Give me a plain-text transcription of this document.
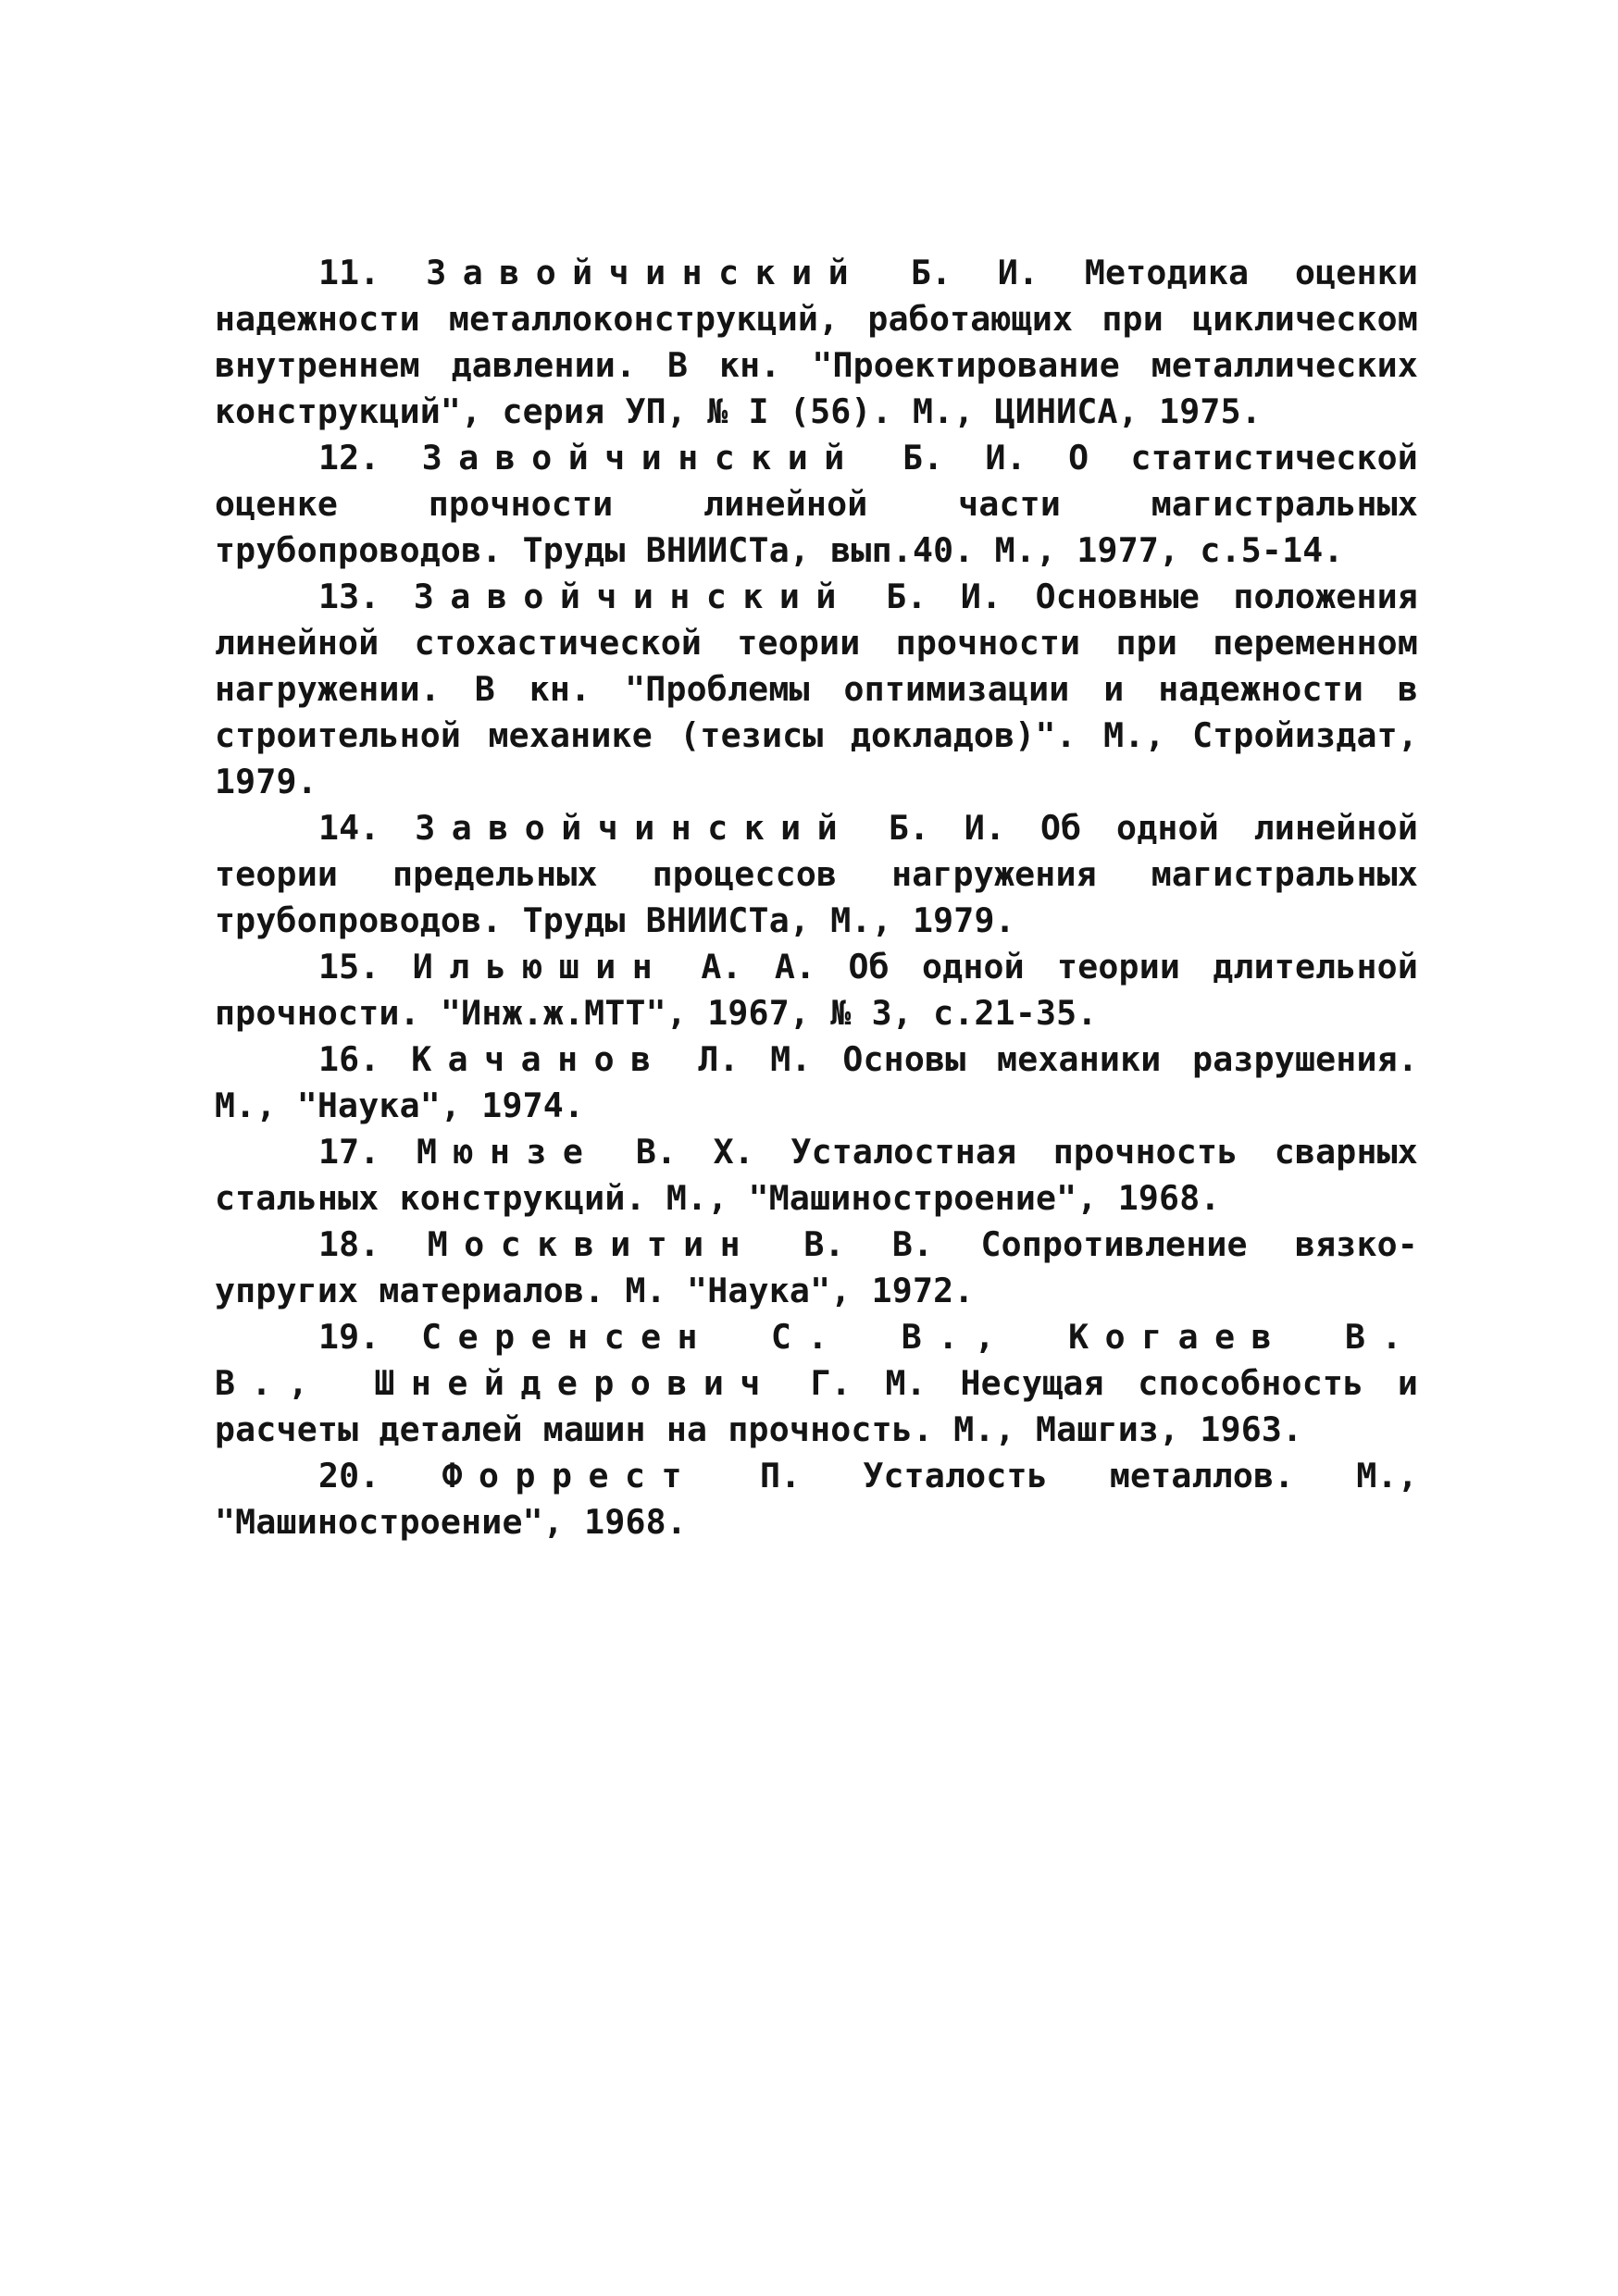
11. Завойчинский Б. И. Методика оценки надежности металлоконструкций, работающих при циклическом внутреннем давлении. В кн. "Проектирование металлических конструкций", серия УП, № I (56). М., ЦИНИСА, 1975.

12. Завойчинский Б. И. О статистической оценке прочности линейной части магистральных трубопроводов. Труды ВНИИСТа, вып.40. М., 1977, с.5-14.

13. Завойчинский Б. И. Основные положения линейной стохастической теории прочности при переменном нагружении. В кн. "Проблемы оптимизации и надежности в строительной механике (тезисы докладов)". М., Стройиздат, 1979.

14. Завойчинский Б. И. Об одной линейной теории предельных процессов нагружения магистральных трубопроводов. Труды ВНИИСТа, М., 1979.

15. Ильюшин А. А. Об одной теории длительной прочности. "Инж.ж.МТТ", 1967, № 3, с.21-35.

16. Качанов Л. М. Основы механики разрушения. М., "Наука", 1974.

17. Мюнзе В. Х. Усталостная прочность сварных стальных конструкций. М., "Машиностроение", 1968.

18. Москвитин В. В. Сопротивление вязко-упругих материалов. М. "Наука", 1972.

19. Серенсен С. В., Когаев В. В., Шнейдерович Г. М. Несущая способность и расчеты деталей машин на прочность. М., Машгиз, 1963.

20. Форрест П. Усталость металлов. М., "Машиностроение", 1968.
